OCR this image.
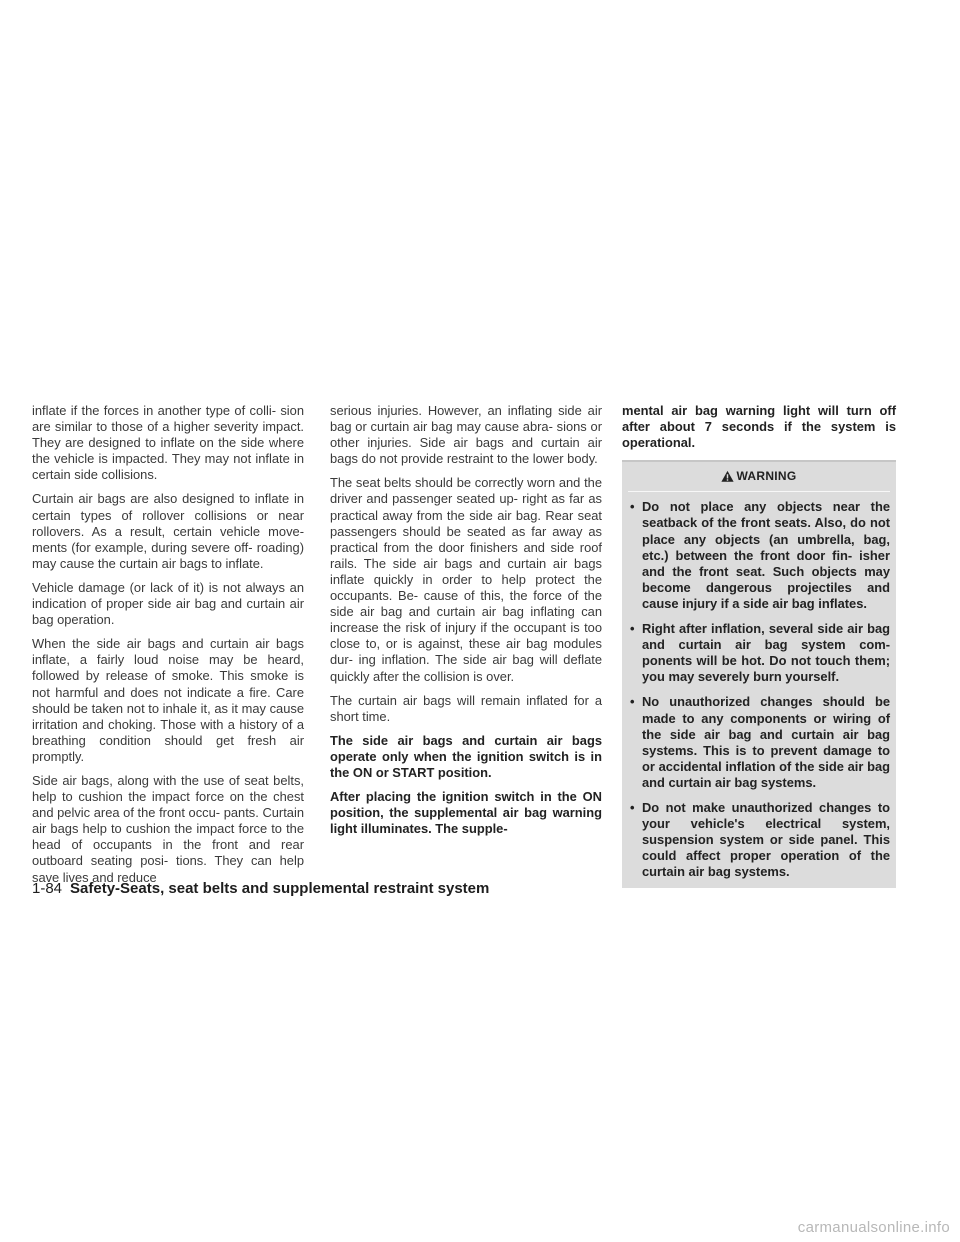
inflate if the forces in another type of colli- sion are similar to those of a higher severity impact. They are designed to inflate on the side where the vehicle is impacted. They may not inflate in certain side collisions.

Curtain air bags are also designed to inflate in certain types of rollover collisions or near rollovers. As a result, certain vehicle move- ments (for example, during severe off- roading) may cause the curtain air bags to inflate.

Vehicle damage (or lack of it) is not always an indication of proper side air bag and curtain air bag operation.

When the side air bags and curtain air bags inflate, a fairly loud noise may be heard, followed by release of smoke. This smoke is not harmful and does not indicate a fire. Care should be taken not to inhale it, as it may cause irritation and choking. Those with a history of a breathing condition should get fresh air promptly.

Side air bags, along with the use of seat belts, help to cushion the impact force on the chest and pelvic area of the front occu- pants. Curtain air bags help to cushion the impact force to the head of occupants in the front and rear outboard seating posi- tions. They can help save lives and reduce

serious injuries. However, an inflating side air bag or curtain air bag may cause abra- sions or other injuries. Side air bags and curtain air bags do not provide restraint to the lower body.

The seat belts should be correctly worn and the driver and passenger seated up- right as far as practical away from the side air bag. Rear seat passengers should be seated as far away as practical from the door finishers and side roof rails. The side air bags and curtain air bags inflate quickly in order to help protect the occupants. Be- cause of this, the force of the side air bag and curtain air bag inflating can increase the risk of injury if the occupant is too close to, or is against, these air bag modules dur- ing inflation. The side air bag will deflate quickly after the collision is over.

The curtain air bags will remain inflated for a short time.

The side air bags and curtain air bags operate only when the ignition switch is in the ON or START position.

After placing the ignition switch in the ON position, the supplemental air bag warning light illuminates. The supple-

mental air bag warning light will turn off after about 7 seconds if the system is operational.

WARNING
• Do not place any objects near the seatback of the front seats. Also, do not place any objects (an umbrella, bag, etc.) between the front door fin- isher and the front seat. Such objects may become dangerous projectiles and cause injury if a side air bag inflates.
• Right after inflation, several side air bag and curtain air bag system com- ponents will be hot. Do not touch them; you may severely burn yourself.
• No unauthorized changes should be made to any components or wiring of the side air bag and curtain air bag systems. This is to prevent damage to or accidental inflation of the side air bag and curtain air bag systems.
• Do not make unauthorized changes to your vehicle's electrical system, suspension system or side panel. This could affect proper operation of the curtain air bag systems.
1-84 Safety-Seats, seat belts and supplemental restraint system
carmanualsonline.info
